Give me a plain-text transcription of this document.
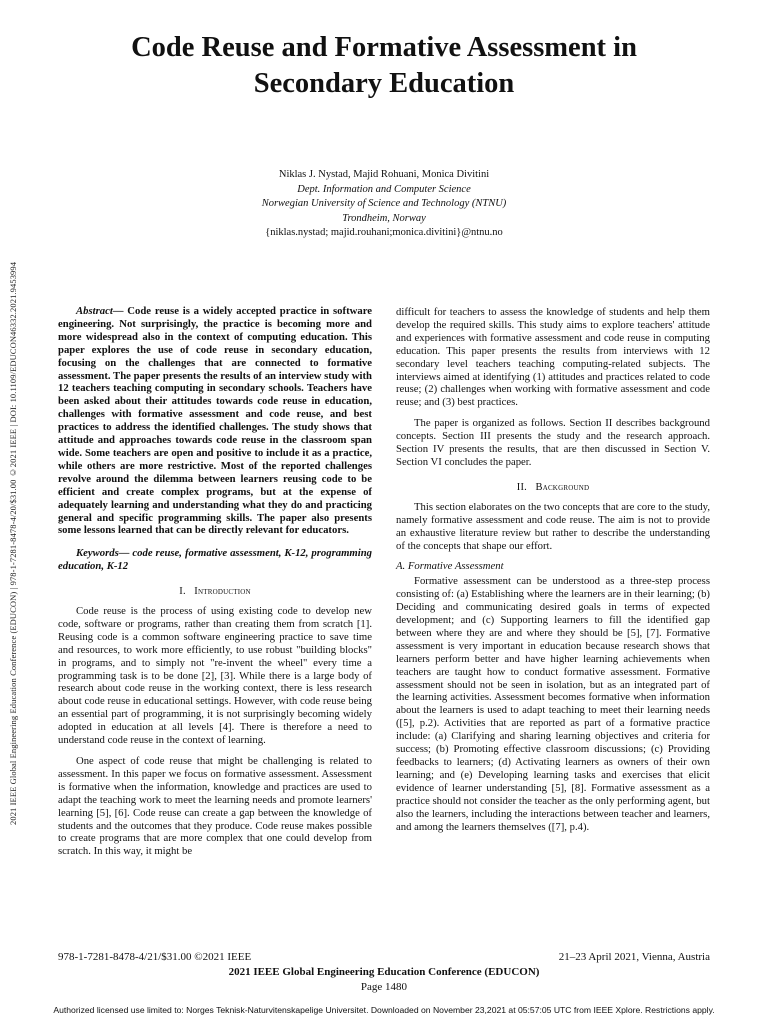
2021 IEEE Global Engineering Education Conference (EDUCON) | 978-1-7281-8478-4/20/$31.00 ©2021 IEEE | DOI: 10.1109/EDUCON46332.2021.9453994
Code Reuse and Formative Assessment in Secondary Education
Niklas J. Nystad, Majid Rohuani, Monica Divitini
Dept. Information and Computer Science
Norwegian University of Science and Technology (NTNU)
Trondheim, Norway
{niklas.nystad; majid.rouhani;monica.divitini}@ntnu.no

Abstract— Code reuse is a widely accepted practice in software engineering. Not surprisingly, the practice is becoming more and more widespread also in the context of computing education. This paper explores the use of code reuse in secondary education, focusing on the challenges that are connected to formative assessment. The paper presents the results of an interview study with 12 teachers teaching computing in secondary schools. Teachers have been asked about their attitudes towards code reuse in education, challenges with formative assessment and code reuse, and best practices to address the identified challenges. The study shows that attitude and approaches towards code reuse in the classroom span wide. Some teachers are open and positive to include it as a practice, while others are more restrictive. Most of the reported challenges revolve around the dilemma between learners reusing code to be efficient and create complex programs, but at the expense of adequately learning and understanding what they do and practicing general and specific programming skills. The paper also presents some lessons learned that can be directly relevant for educators.

Keywords— code reuse, formative assessment, K-12, programming education, K-12

I. Introduction

Code reuse is the process of using existing code to develop new code, software or programs, rather than creating them from scratch [1]. Reusing code is a common software engineering practice to save time and resources, to work more efficiently, to use robust "building blocks" in programs, and to simply not "re-invent the wheel" every time a programming task is to be done [2], [3]. While there is a large body of research about code reuse in the working context, there is less research about code reuse in educational settings. However, with code reuse being an essential part of programming, it is not surprisingly becoming widely adopted in education at all levels [4]. There is therefore a need to understand code reuse in the context of learning.

One aspect of code reuse that might be challenging is related to assessment. In this paper we focus on formative assessment. Assessment is formative when the information, knowledge and practices are used to adapt the teaching work to meet the learning needs and promote learners' learning [5], [6]. Code reuse can create a gap between the knowledge of students and the outcomes that they produce. Code reuse makes possible to create programs that are more complex that one could develop from scratch. In this way, it might be

difficult for teachers to assess the knowledge of students and help them develop the required skills. This study aims to explore teachers' attitude and experiences with formative assessment and code reuse in computing education. This paper presents the results from interviews with 12 secondary level teachers teaching computing-related subjects. The interviews aimed at identifying (1) attitudes and practices related to code reuse; (2) challenges when working with formative assessment and code reuse; and (3) best practices.

The paper is organized as follows. Section II describes background concepts. Section III presents the study and the research approach. Section IV presents the results, that are then discussed in Section V. Section VI concludes the paper.

II. Background

This section elaborates on the two concepts that are core to the study, namely formative assessment and code reuse. The aim is not to provide an exhaustive literature review but rather to describe the understanding of the concepts that shape our effort.

A. Formative Assessment

Formative assessment can be understood as a three-step process consisting of: (a) Establishing where the learners are in their learning; (b) Deciding and communicating desired goals in terms of expected development; and (c) Supporting learners to fill the identified gap between where they are and where they should be [5], [7]. Formative assessment is very important in education because research shows that learners perform better and have higher learning achievements when teachers are taught how to conduct formative assessment. Formative assessment should not be seen in isolation, but as an integrated part of the learning activities. Assessment becomes formative when information about the learners is used to adapt teaching to meet their learning needs ([5], p.2). Activities that are reported as part of a formative practice include: (a) Clarifying and sharing learning objectives and criteria for success; (b) Promoting effective classroom discussions; (c) Providing feedbacks to learners; (d) Activating learners as owners of their own learning; and (e) Developing learning tasks and exercises that elicit evidence of learner understanding [5], [8]. Formative assessment as a practice should not consider the teacher as the only performing agent, but also the learners, including the interactions between teacher and learners, and among the learners themselves ([7], p.4).

978-1-7281-8478-4/21/$31.00 ©2021 IEEE	21–23 April 2021, Vienna, Austria
2021 IEEE Global Engineering Education Conference (EDUCON)
Page 1480
Authorized licensed use limited to: Norges Teknisk-Naturvitenskapelige Universitet. Downloaded on November 23,2021 at 05:57:05 UTC from IEEE Xplore. Restrictions apply.
